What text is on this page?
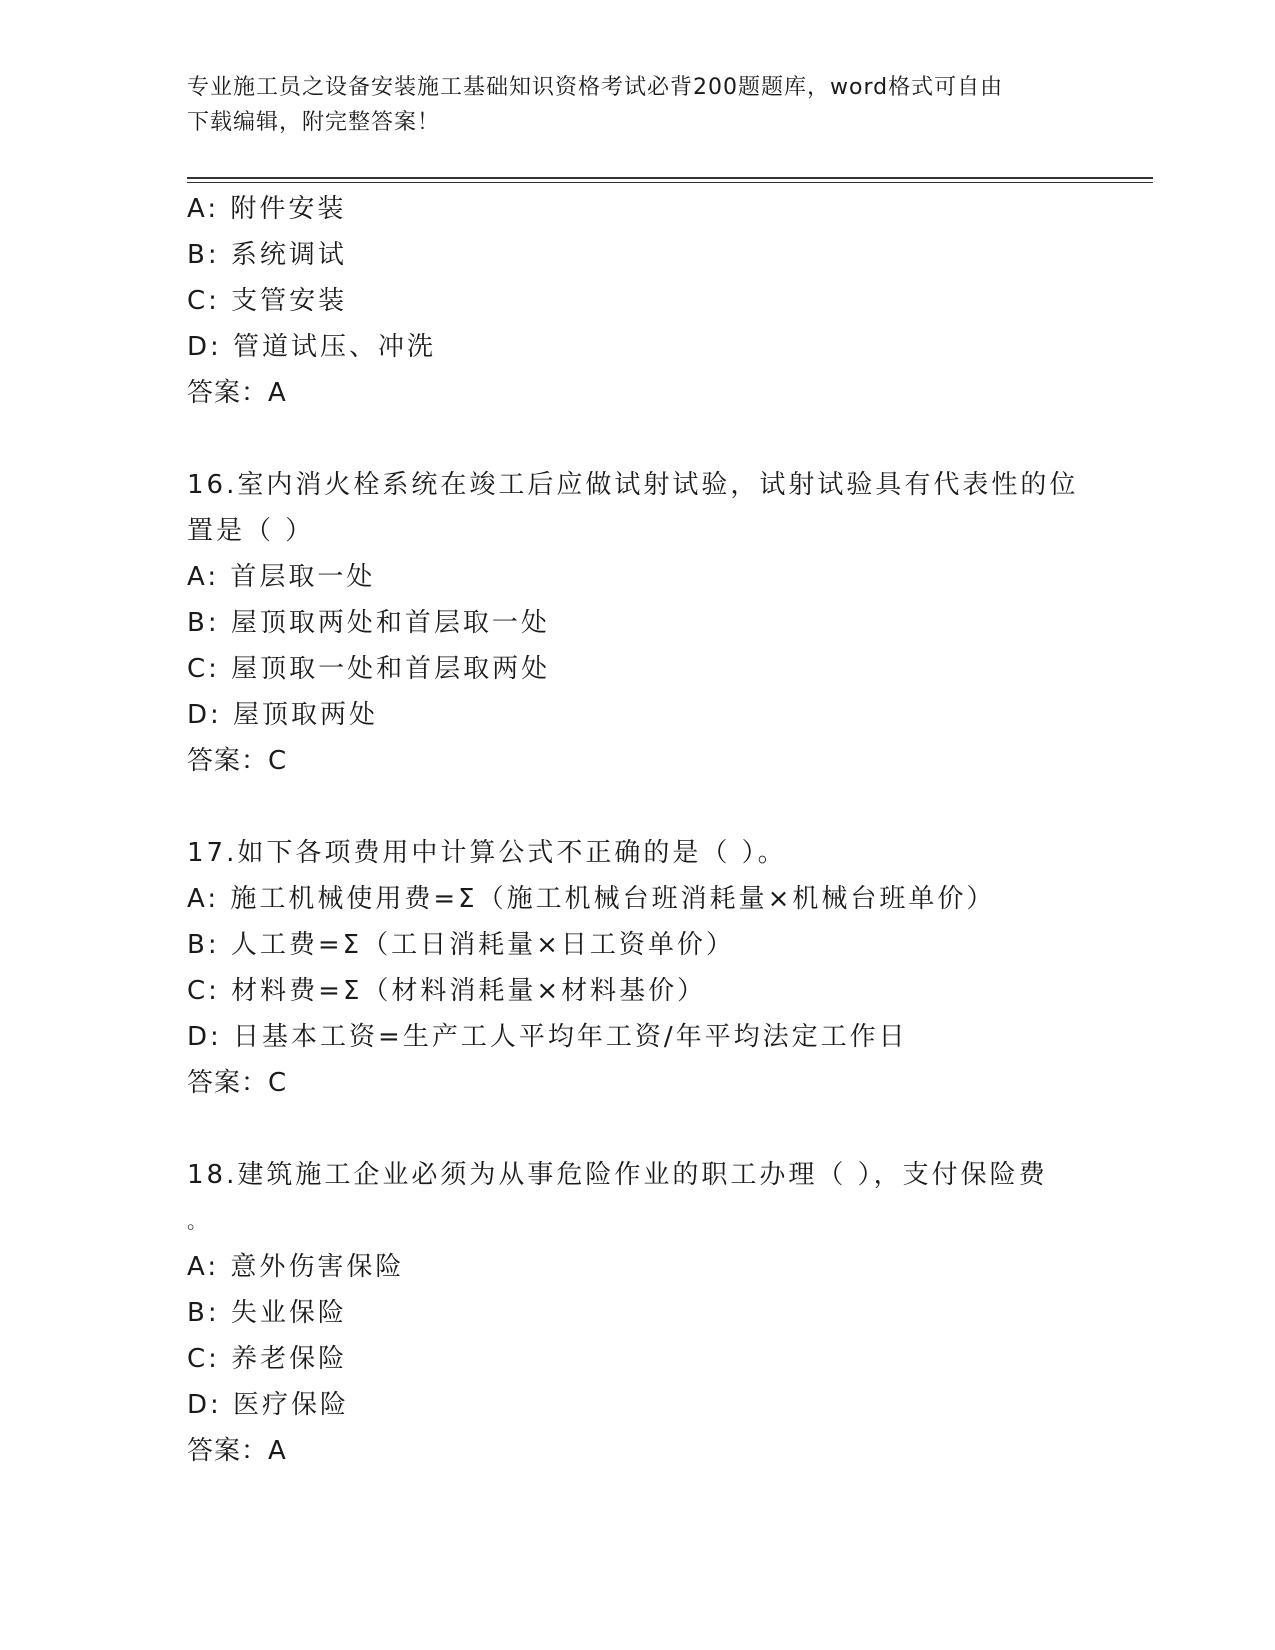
专业施工员之设备安装施工基础知识资格考试必背200题题库，word格式可自由
下载编辑，附完整答案！
A: 附件安装
B: 系统调试
C: 支管安装
D: 管道试压、冲洗
答案：A
16.室内消火栓系统在竣工后应做试射试验，试射试验具有代表性的位
置是（ ）
A: 首层取一处
B: 屋顶取两处和首层取一处
C: 屋顶取一处和首层取两处
D: 屋顶取两处
答案：C
17.如下各项费用中计算公式不正确的是（ ）。
A: 施工机械使用费=Σ（施工机械台班消耗量×机械台班单价）
B: 人工费=Σ（工日消耗量×日工资单价）
C: 材料费=Σ（材料消耗量×材料基价）
D: 日基本工资=生产工人平均年工资/年平均法定工作日
答案：C
18.建筑施工企业必须为从事危险作业的职工办理（ ），支付保险费
。
A: 意外伤害保险
B: 失业保险
C: 养老保险
D: 医疗保险
答案：A
